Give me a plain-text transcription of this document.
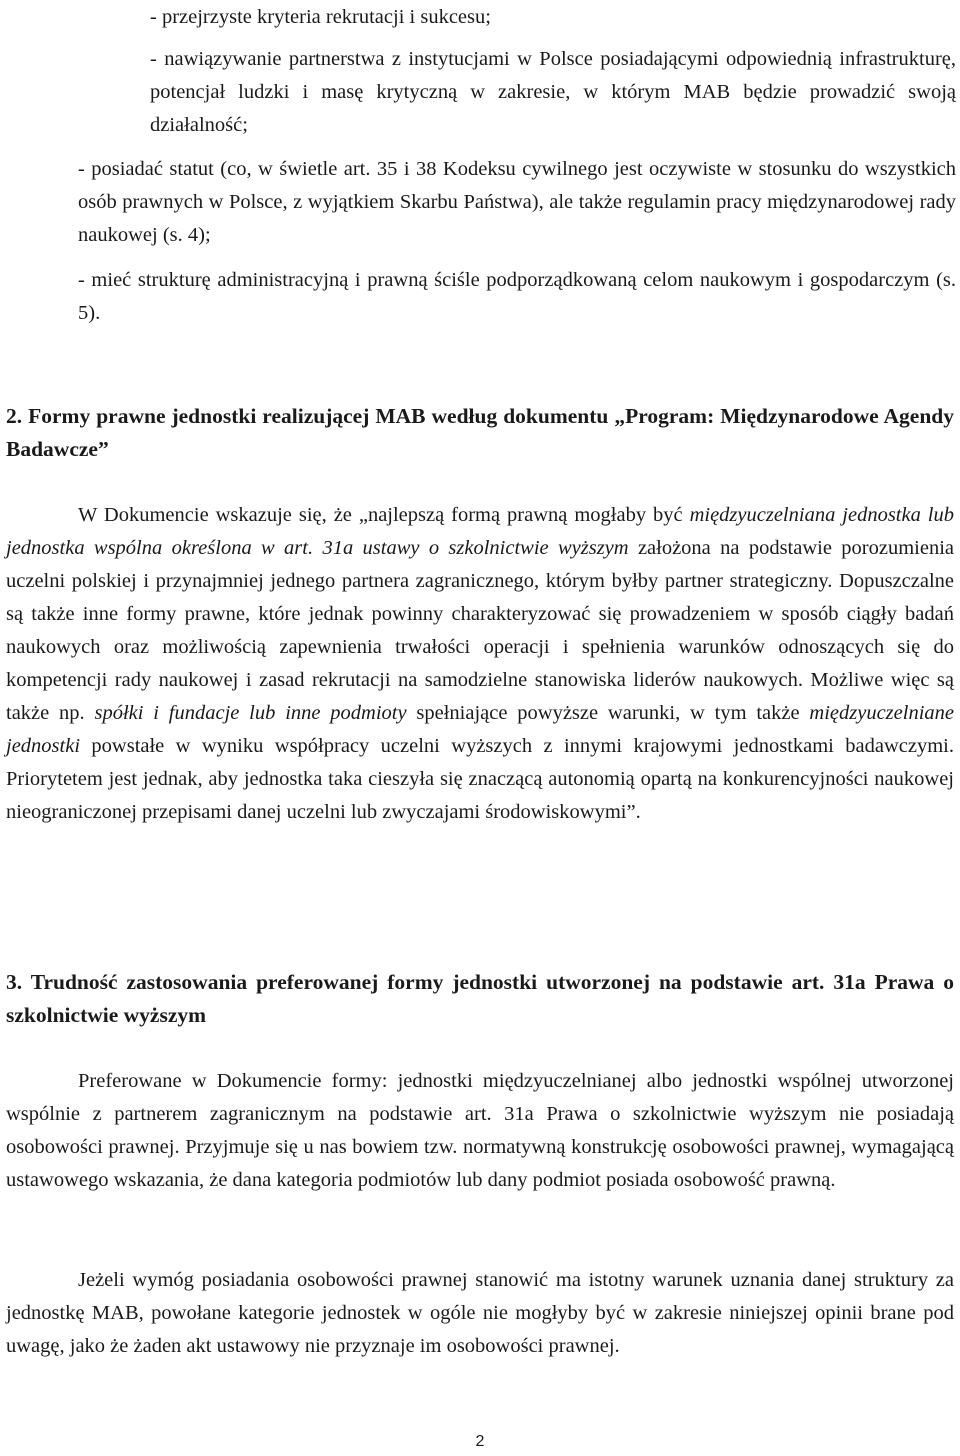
- przejrzyste kryteria rekrutacji i sukcesu;

- nawiązywanie partnerstwa z instytucjami w Polsce posiadającymi odpowiednią infrastrukturę, potencjał ludzki i masę krytyczną w zakresie, w którym MAB będzie prowadzić swoją działalność;

- posiadać statut (co, w świetle art. 35 i 38 Kodeksu cywilnego jest oczywiste w stosunku do wszystkich osób prawnych w Polsce, z wyjątkiem Skarbu Państwa), ale także regulamin pracy międzynarodowej rady naukowej (s. 4);

- mieć strukturę administracyjną i prawną ściśle podporządkowaną celom naukowym i gospodarczym (s. 5).

2. Formy prawne jednostki realizującej MAB według dokumentu „Program: Międzynarodowe Agendy Badawcze”

W Dokumencie wskazuje się, że „najlepszą formą prawną mogłaby być międzyuczelniana jednostka lub jednostka wspólna określona w art. 31a ustawy o szkolnictwie wyższym założona na podstawie porozumienia uczelni polskiej i przynajmniej jednego partnera zagranicznego, którym byłby partner strategiczny. Dopuszczalne są także inne formy prawne, które jednak powinny charakteryzować się prowadzeniem w sposób ciągły badań naukowych oraz możliwością zapewnienia trwałości operacji i spełnienia warunków odnoszących się do kompetencji rady naukowej i zasad rekrutacji na samodzielne stanowiska liderów naukowych. Możliwe więc są także np. spółki i fundacje lub inne podmioty spełniające powyższe warunki, w tym także międzyuczelniane jednostki powstałe w wyniku współpracy uczelni wyższych z innymi krajowymi jednostkami badawczymi. Priorytetem jest jednak, aby jednostka taka cieszyła się znaczącą autonomią opartą na konkurencyjności naukowej nieograniczonej przepisami danej uczelni lub zwyczajami środowiskowymi”.

3. Trudność zastosowania preferowanej formy jednostki utworzonej na podstawie art. 31a Prawa o szkolnictwie wyższym

Preferowane w Dokumencie formy: jednostki międzyuczelnianej albo jednostki wspólnej utworzonej wspólnie z partnerem zagranicznym na podstawie art. 31a Prawa o szkolnictwie wyższym nie posiadają osobowości prawnej. Przyjmuje się u nas bowiem tzw. normatywną konstrukcję osobowości prawnej, wymagającą ustawowego wskazania, że dana kategoria podmiotów lub dany podmiot posiada osobowość prawną.

Jeżeli wymóg posiadania osobowości prawnej stanowić ma istotny warunek uznania danej struktury za jednostkę MAB, powołane kategorie jednostek w ogóle nie mogłyby być w zakresie niniejszej opinii brane pod uwagę, jako że żaden akt ustawowy nie przyznaje im osobowości prawnej.

2
